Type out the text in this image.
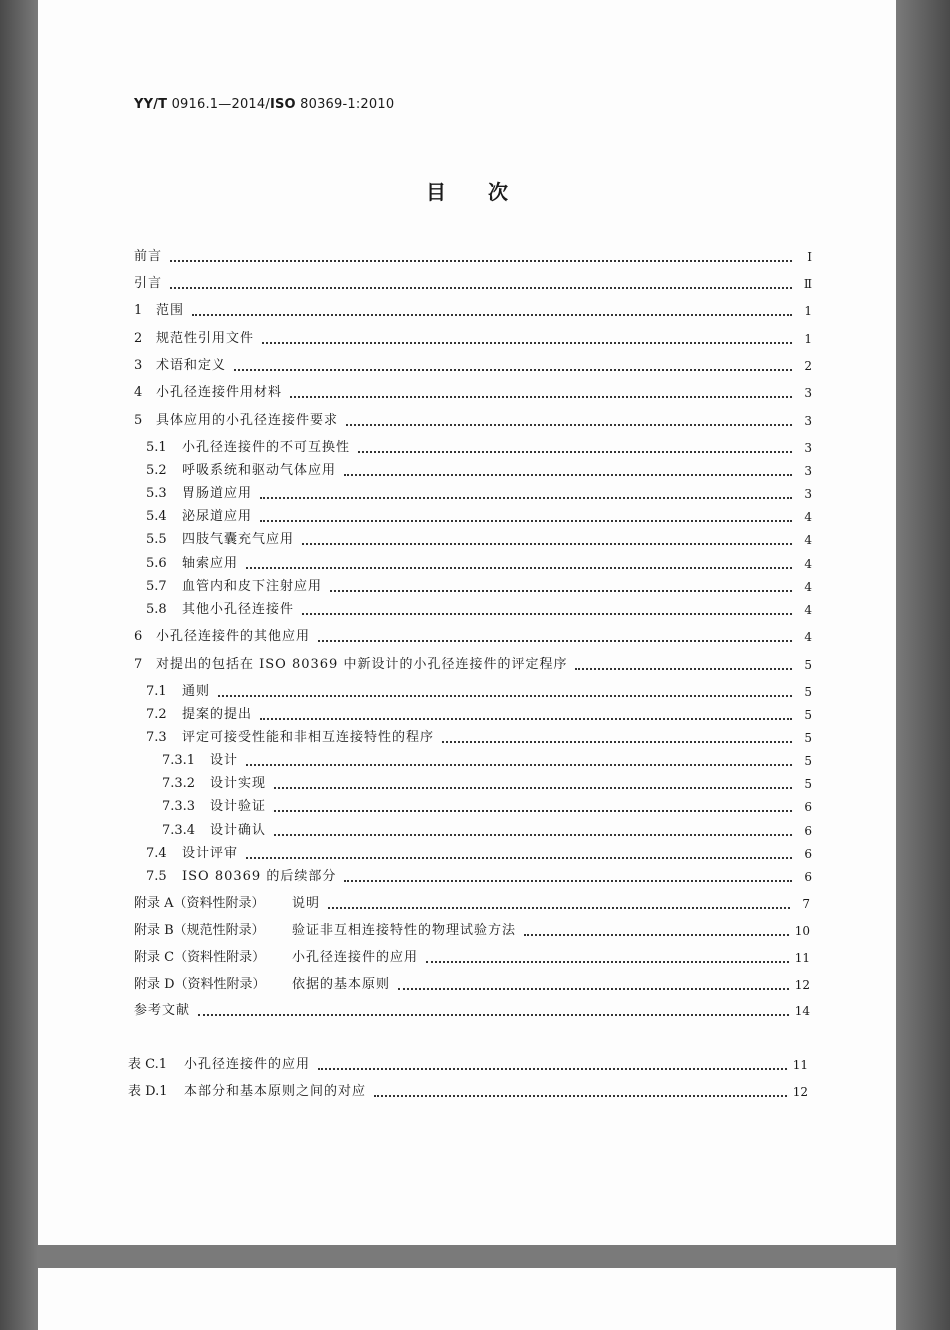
YY/T 0916.1—2014/ISO 80369-1:2010
目次
前言	Ⅰ
引言	Ⅱ
1	范围	1
2	规范性引用文件	1
3	术语和定义	2
4	小孔径连接件用材料	3
5	具体应用的小孔径连接件要求	3
5.1	小孔径连接件的不可互换性	3
5.2	呼吸系统和驱动气体应用	3
5.3	胃肠道应用	3
5.4	泌尿道应用	4
5.5	四肢气囊充气应用	4
5.6	轴索应用	4
5.7	血管内和皮下注射应用	4
5.8	其他小孔径连接件	4
6	小孔径连接件的其他应用	4
7	对提出的包括在 ISO 80369 中新设计的小孔径连接件的评定程序	5
7.1	通则	5
7.2	提案的提出	5
7.3	评定可接受性能和非相互连接特性的程序	5
7.3.1	设计	5
7.3.2	设计实现	5
7.3.3	设计验证	6
7.3.4	设计确认	6
7.4	设计评审	6
7.5	ISO 80369 的后续部分	6
附录 A（资料性附录）	说明	7
附录 B（规范性附录）	验证非互相连接特性的物理试验方法	10
附录 C（资料性附录）	小孔径连接件的应用	11
附录 D（资料性附录）	依据的基本原则	12
参考文献	14
表 C.1	小孔径连接件的应用	11
表 D.1	本部分和基本原则之间的对应	12
